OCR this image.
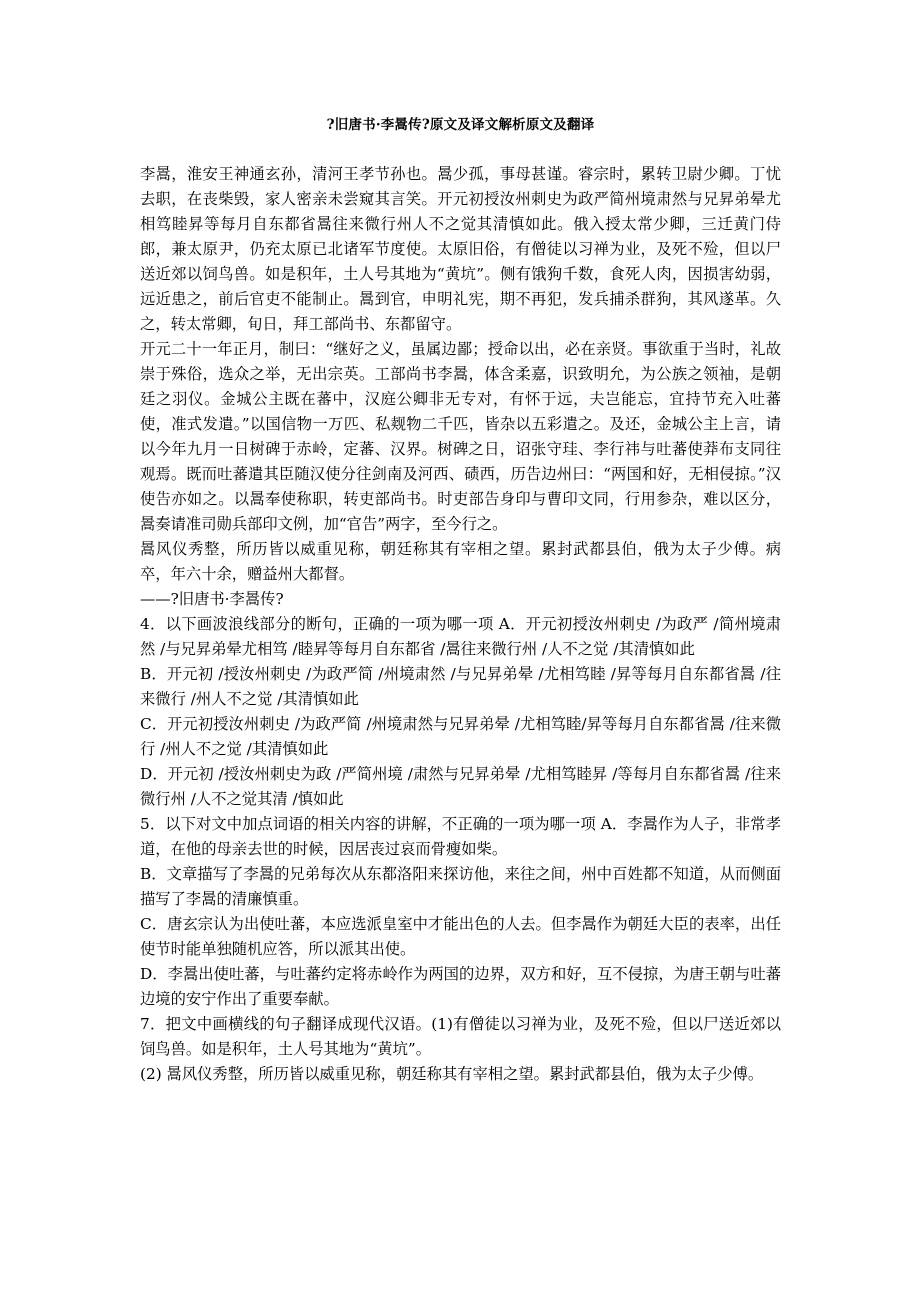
?旧唐书·李暠传?原文及译文解析原文及翻译

李暠，淮安王神通玄孙，清河王孝节孙也。暠少孤，事母甚谨。睿宗时，累转卫尉少卿。丁忧去职，在丧柴毁，家人密亲未尝窥其言笑。开元初授汝州刺史为政严简州境肃然与兄昇弟晕尤相笃睦昇等每月自东都省暠往来微行州人不之觉其清慎如此。俄入授太常少卿，三迁黄门侍郎，兼太原尹，仍充太原已北诸军节度使。太原旧俗，有僧徒以习禅为业，及死不殓，但以尸送近郊以饲鸟兽。如是积年，土人号其地为“黄坑”。侧有饿狗千数，食死人肉，因损害幼弱，远近患之，前后官吏不能制止。暠到官，申明礼宪，期不再犯，发兵捕杀群狗，其风遂革。久之，转太常卿，旬日，拜工部尚书、东都留守。

开元二十一年正月，制曰：“继好之义，虽属边鄙；授命以出，必在亲贤。事欲重于当时，礼故崇于殊俗，选众之举，无出宗英。工部尚书李暠，体含柔嘉，识致明允，为公族之领袖，是朝廷之羽仪。金城公主既在蕃中，汉庭公卿非无专对，有怀于远，夫岂能忘，宜持节充入吐蕃使，准式发遣。”以国信物一万匹、私觌物二千匹，皆杂以五彩遣之。及还，金城公主上言，请以今年九月一日树碑于赤岭，定蕃、汉界。树碑之日，诏张守珪、李行祎与吐蕃使莽布支同往观焉。既而吐蕃遣其臣随汉使分往剑南及河西、碛西，历告边州曰：“两国和好，无相侵掠。”汉使告亦如之。以暠奉使称职，转吏部尚书。时吏部告身印与曹印文同，行用参杂，难以区分，暠奏请准司勋兵部印文例，加“官告”两字，至今行之。

暠风仪秀整，所历皆以威重见称，朝廷称其有宰相之望。累封武都县伯，俄为太子少傅。病卒，年六十余，赠益州大都督。

——?旧唐书·李暠传?

4．以下画波浪线部分的断句，正确的一项为哪一项 A．开元初授汝州刺史 /为政严 /简州境肃然 /与兄昇弟晕尤相笃 /睦昇等每月自东都省 /暠往来微行州 /人不之觉 /其清慎如此

B．开元初 /授汝州刺史 /为政严简 /州境肃然 /与兄昇弟晕 /尤相笃睦 /昇等每月自东都省暠 /往来微行 /州人不之觉 /其清慎如此

C．开元初授汝州刺史 /为政严简 /州境肃然与兄昇弟晕 /尤相笃睦/昇等每月自东都省暠 /往来微行 /州人不之觉 /其清慎如此

D．开元初 /授汝州刺史为政 /严简州境 /肃然与兄昇弟晕 /尤相笃睦昇 /等每月自东都省暠 /往来微行州 /人不之觉其清 /慎如此

5．以下对文中加点词语的相关内容的讲解，不正确的一项为哪一项 A．李暠作为人子，非常孝道，在他的母亲去世的时候，因居丧过哀而骨瘦如柴。

B．文章描写了李暠的兄弟每次从东都洛阳来探访他，来往之间，州中百姓都不知道，从而侧面描写了李暠的清廉慎重。

C．唐玄宗认为出使吐蕃，本应选派皇室中才能出色的人去。但李暠作为朝廷大臣的表率，出任使节时能单独随机应答，所以派其出使。

D．李暠出使吐蕃，与吐蕃约定将赤岭作为两国的边界，双方和好，互不侵掠，为唐王朝与吐蕃边境的安宁作出了重要奉献。

7．把文中画横线的句子翻译成现代汉语。(1)有僧徒以习禅为业，及死不殓，但以尸送近郊以饲鸟兽。如是积年，土人号其地为“黄坑”。

(2) 暠风仪秀整，所历皆以威重见称，朝廷称其有宰相之望。累封武都县伯，俄为太子少傅。
